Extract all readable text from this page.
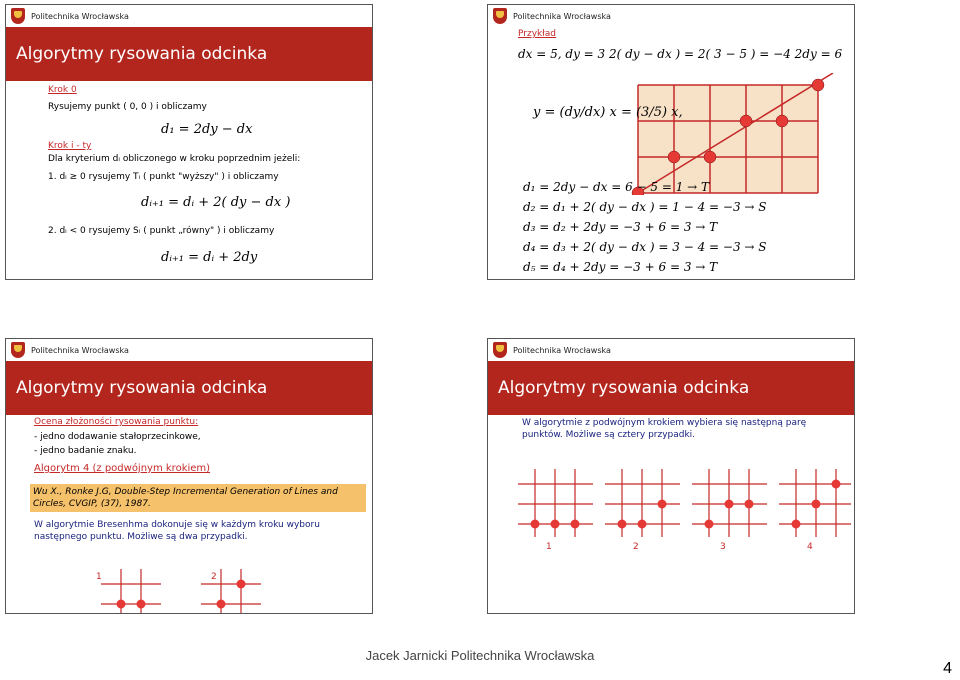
Politechnika Wrocławska
Algorytmy rysowania odcinka
Krok 0
Rysujemy punkt ( 0, 0 ) i obliczamy
d₁ = 2dy − dx
Krok i - ty
Dla kryterium dᵢ obliczonego w kroku poprzednim jeżeli:
1. dᵢ ≥ 0 rysujemy Tᵢ ( punkt "wyższy" ) i obliczamy
dᵢ₊₁ = dᵢ + 2( dy − dx )
2. dᵢ < 0 rysujemy Sᵢ ( punkt „równy" ) i obliczamy
dᵢ₊₁ = dᵢ + 2dy
Politechnika Wrocławska
Przykład
dx = 5, dy = 3 2( dy − dx ) = 2( 3 − 5 ) = −4 2dy = 6
y = (dy/dx) x = (3/5) x,
d₁ = 2dy − dx = 6 − 5 = 1 → T
d₂ = d₁ + 2( dy − dx ) = 1 − 4 = −3 → S
d₃ = d₂ + 2dy = −3 + 6 = 3 → T
d₄ = d₃ + 2( dy − dx ) = 3 − 4 = −3 → S
d₅ = d₄ + 2dy = −3 + 6 = 3 → T
Politechnika Wrocławska
Algorytmy rysowania odcinka
Ocena złożoności rysowania punktu:
- jedno dodawanie stałoprzecinkowe,
- jedno badanie znaku.
Algorytm 4 (z podwójnym krokiem)
Wu X., Ronke J.G, Double-Step Incremental Generation of Lines and Circles, CVGIP, (37), 1987.
W algorytmie Bresenhma dokonuje się w każdym kroku wyboru następnego punktu. Możliwe są dwa przypadki.
1	2
Politechnika Wrocławska
Algorytmy rysowania odcinka
W algorytmie z podwójnym krokiem wybiera się następną parę punktów. Możliwe są cztery przypadki.
1	2	3	4
Jacek Jarnicki Politechnika Wrocławska
4
